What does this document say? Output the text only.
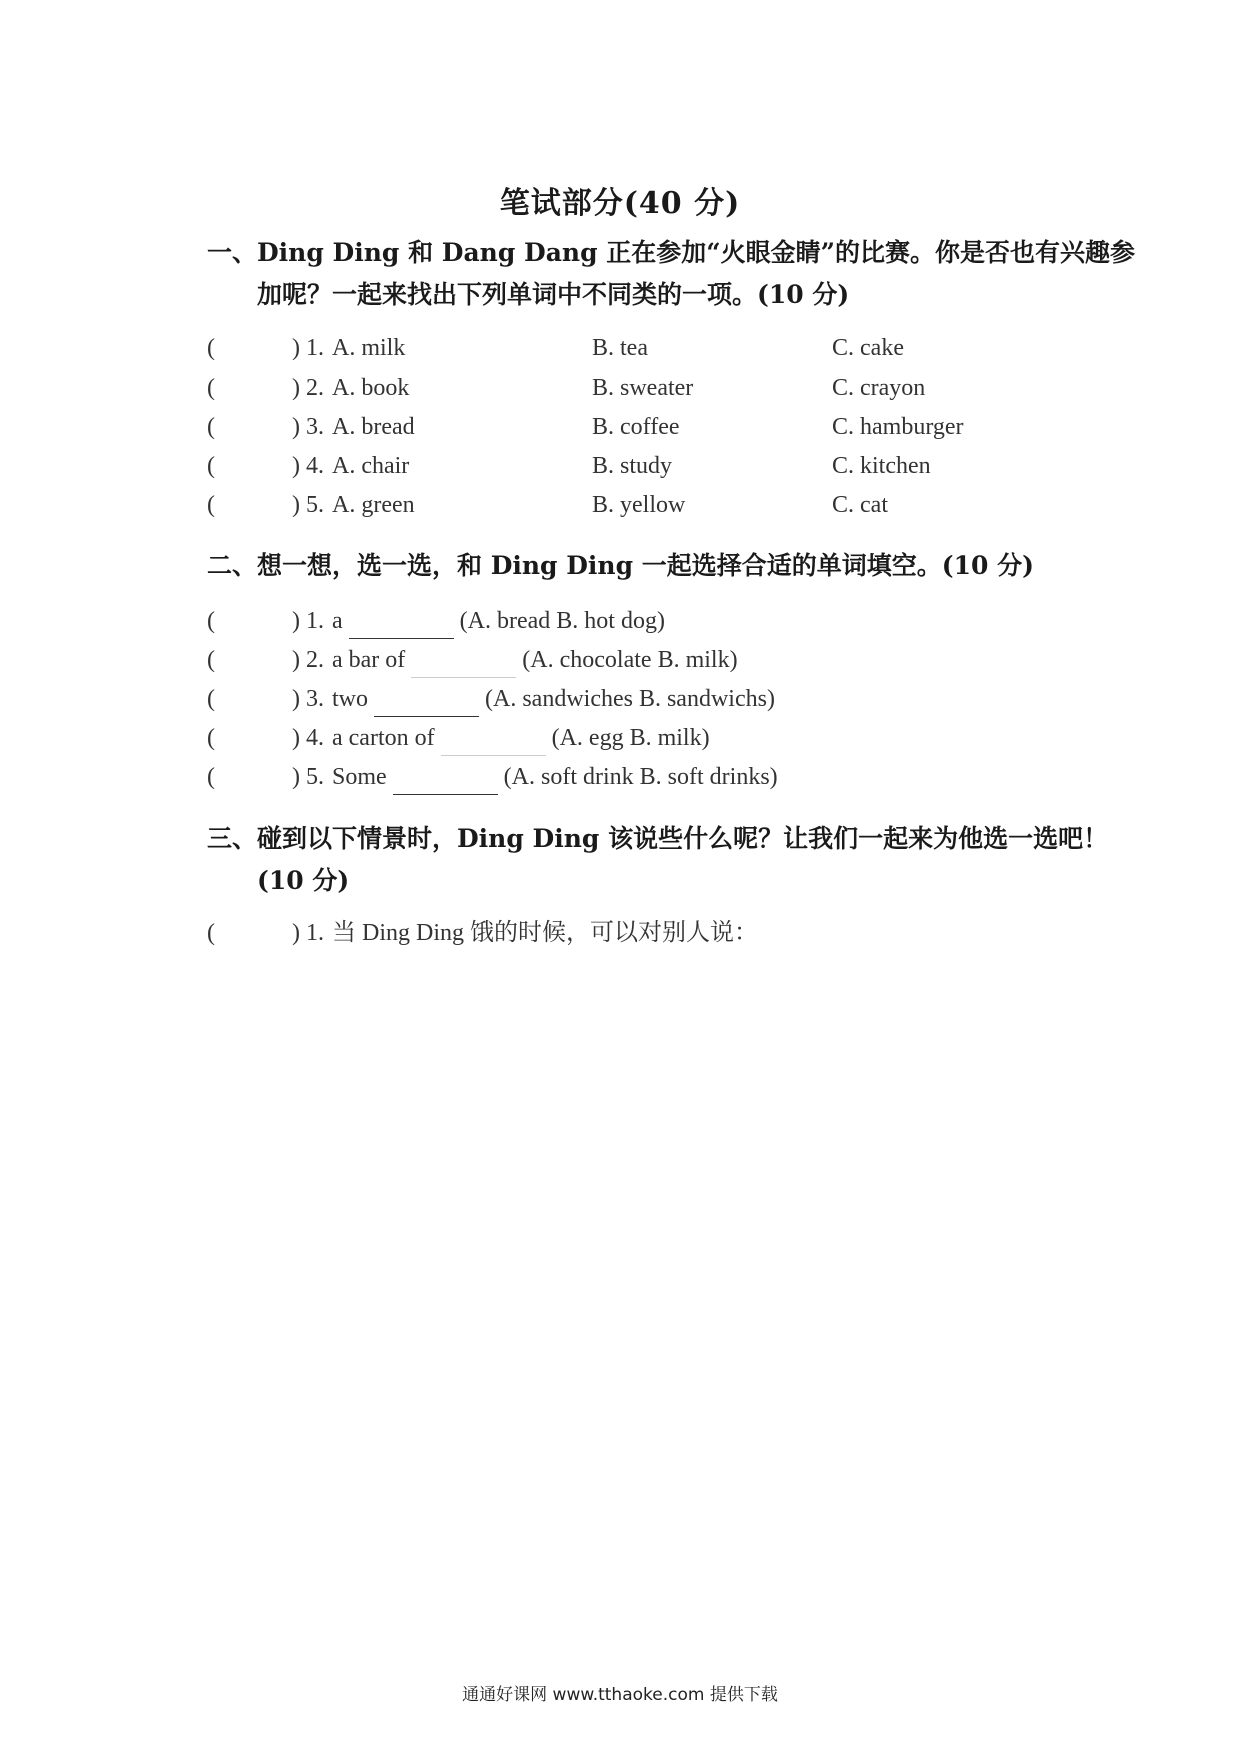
笔试部分(40 分)
一、Ding Ding 和 Dang Dang 正在参加“火眼金睛”的比赛。你是否也有兴趣参
加呢？一起来找出下列单词中不同类的一项。(10 分)
(	) 1. A. milk	B. tea	C. cake
(	) 2. A. book	B. sweater	C. crayon
(	) 3. A. bread	B. coffee	C. hamburger
(	) 4. A. chair	B. study	C. kitchen
(	) 5. A. green	B. yellow	C. cat
二、想一想，选一选，和 Ding Ding 一起选择合适的单词填空。(10 分)
(	) 1. a	(A. bread B. hot dog)
(	) 2. a bar of	(A. chocolate B. milk)
(	) 3. two	(A. sandwiches B. sandwichs)
(	) 4. a carton of	(A. egg B. milk)
(	) 5. Some	(A. soft drink B. soft drinks)
三、碰到以下情景时，Ding Ding 该说些什么呢？让我们一起来为他选一选吧！
(10 分)
(	) 1. 当 Ding Ding 饿的时候，可以对别人说：
通通好课网 www.tthaoke.com 提供下载
